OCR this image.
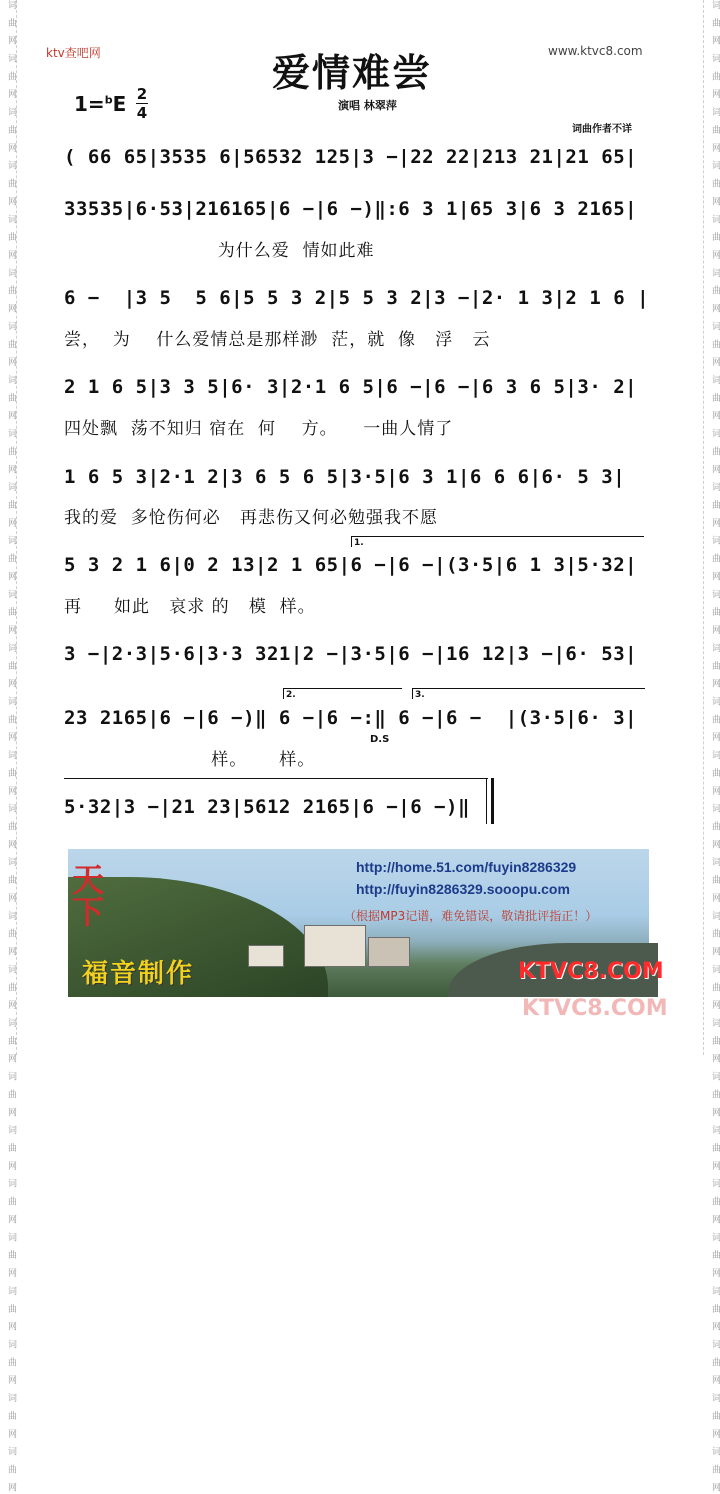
词 曲 网 词 曲 网 词 曲 网 词 曲 网 词 曲 网 词 曲 网 词 曲 网 词 曲 网 词 曲 网 词 曲 网 词 曲 网 词 曲 网 词 曲 网 词 曲 网 词 曲 网 词 曲 网 词 曲 网 词 曲 网 词 曲 网 词 曲 网 词 曲 网 词 曲 网 词 曲 网 词 曲 网 词 曲 网 词 曲 网 词 曲 网 词 曲 网	词 曲 网 词 曲 网 词 曲 网 词 曲 网 词 曲 网 词 曲 网 词 曲 网 词 曲 网 词 曲 网 词 曲 网 词 曲 网 词 曲 网 词 曲 网 词 曲 网 词 曲 网 词 曲 网 词 曲 网 词 曲 网 词 曲 网 词 曲 网 词 曲 网 词 曲 网 词 曲 网 词 曲 网 词 曲 网 词 曲 网 词 曲 网 词 曲 网
ktv查吧网	www.ktvc8.com
爱情难尝
1=$^b$E 2
4	演唱 林翠萍
词曲作者不详
( 66 65|3535 6|56532 125|3 −|22 22|213 21|21 65|
33535|6·53|216165|6 −|6 −)‖:6 3 1|65 3|6 3 2165|
为什么爱  情如此难
6 −  |3 5  5 6|5 5 3 2|5 5 3 2|3 −|2· 1 3|2 1 6 |
尝，  为    什么爱情总是那样渺  茫，就  像   浮   云
2 1 6 5|3 3 5|6· 3|2·1 6 5|6 −|6 −|6 3 6 5|3· 2|
四处飘  荡不知归 宿在  何    方。    一曲人情了
1 6 5 3|2·1 2|3 6 5 6 5|3·5|6 3 1|6 6 6|6· 5 3|
我的爱  多怆伤何必   再悲伤又何必勉强我不愿
1.
5 3 2 1 6|0 2 13|2 1 65|6 −|6 −|(3·5|6 1 3|5·32|
再     如此   哀求 的   模  样。
3 −|2·3|5·6|3·3 321|2 −|3·5|6 −|16 12|3 −|6· 53|
2.	3.
23 2165|6 −|6 −)‖ 6 −|6 −:‖ 6 −|6 −  |(3·5|6· 3|
D.S
样。     样。
5·32|3 −|21 23|5612 2165|6 −|6 −)‖
http://home.51.com/fuyin8286329
http://fuyin8286329.sooopu.com
（根据MP3记谱，难免错误，敬请批评指正！）
天下
福音制作	KTVC8.COM
KTVC8.COM
